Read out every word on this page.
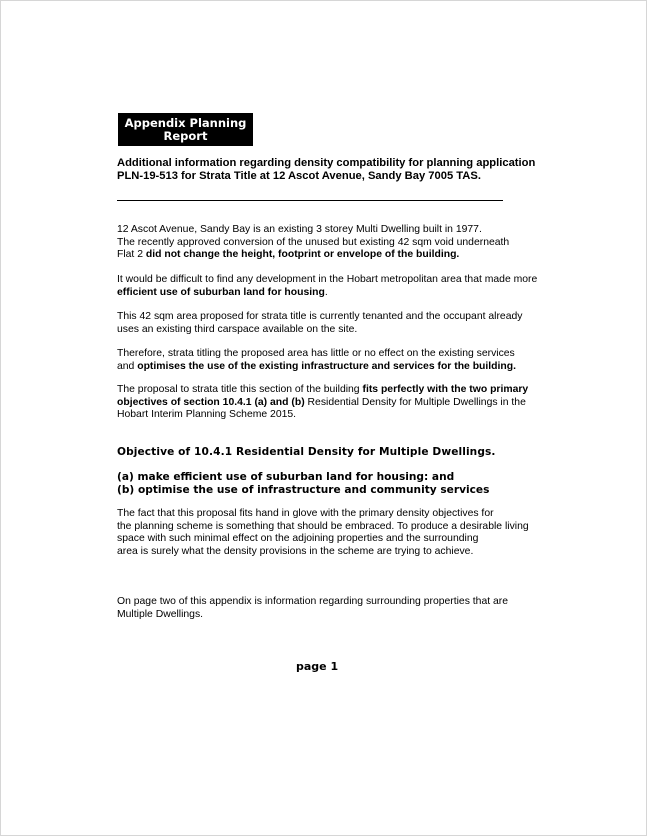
Appendix Planning
Report
Additional information regarding density compatibility for planning application
PLN-19-513 for Strata Title at 12 Ascot Avenue, Sandy Bay 7005 TAS.
12 Ascot Avenue, Sandy Bay is an existing 3 storey Multi Dwelling built in 1977.
The recently approved conversion of the unused but existing 42 sqm void underneath
Flat 2 did not change the height, footprint or envelope of the building.
It would be difficult to find any development in the Hobart metropolitan area that made more
efficient use of suburban land for housing.
This 42 sqm area proposed for strata title is currently tenanted and the occupant already
uses an existing third carspace available on the site.
Therefore, strata titling the proposed area has little or no effect on the existing services
and optimises the use of the existing infrastructure and services for the building.
The proposal to strata title this section of the building fits perfectly with the two primary
objectives of section 10.4.1 (a) and (b) Residential Density for Multiple Dwellings in the
Hobart Interim Planning Scheme 2015.
Objective of 10.4.1 Residential Density for Multiple Dwellings.
(a) make efficient use of suburban land for housing: and
(b) optimise the use of infrastructure and community services
The fact that this proposal fits hand in glove with the primary density objectives for
the planning scheme is something that should be embraced. To produce a desirable living
space with such minimal effect on the adjoining properties and the surrounding
area is surely what the density provisions in the scheme are trying to achieve.
On page two of this appendix is information regarding surrounding properties that are
Multiple Dwellings.
page 1
